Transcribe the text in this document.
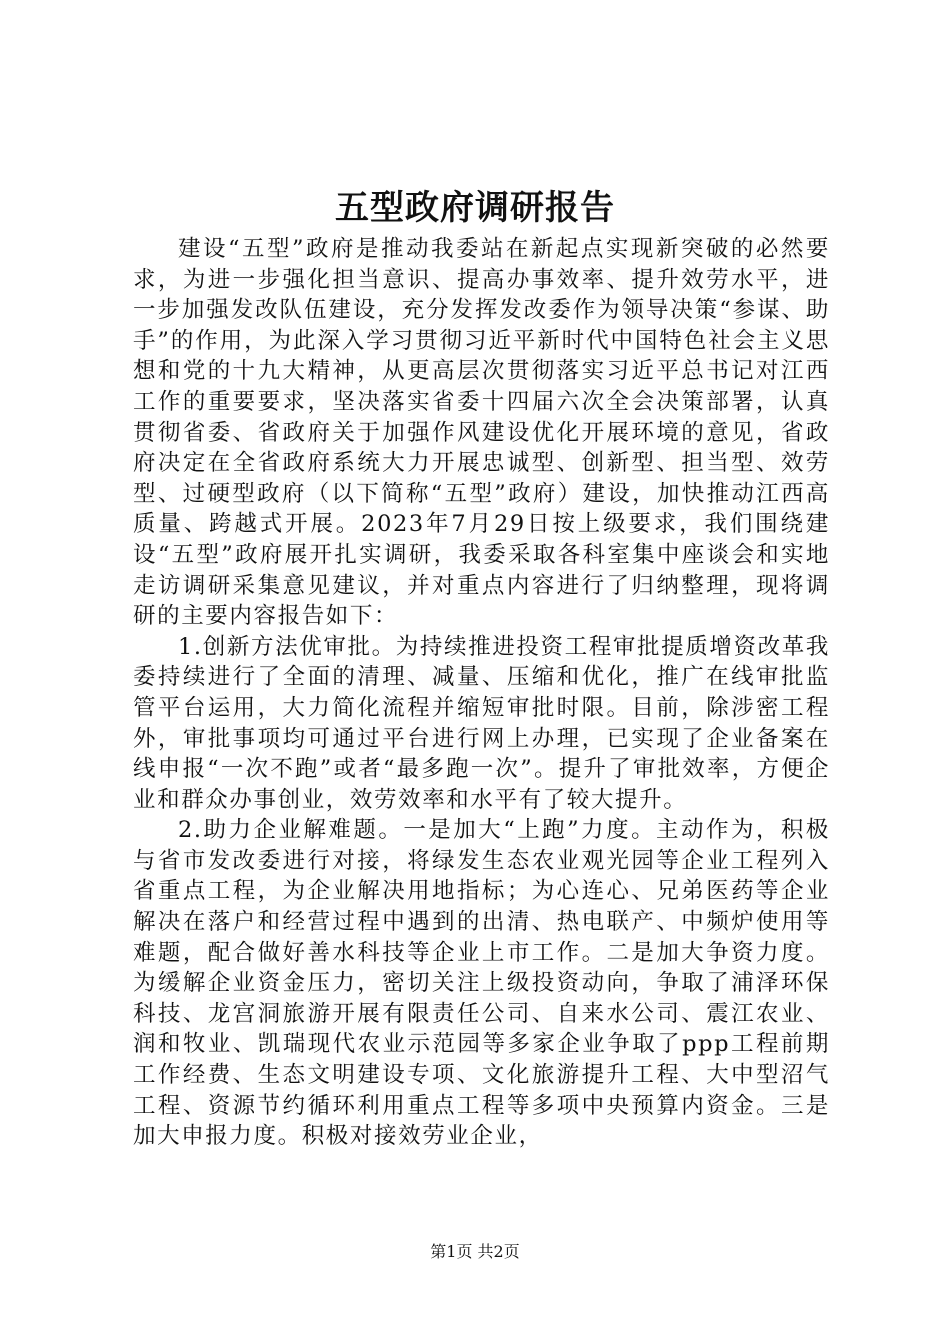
五型政府调研报告

建设“五型”政府是推动我委站在新起点实现新突破的必然要求，为进一步强化担当意识、提高办事效率、提升效劳水平，进一步加强发改队伍建设，充分发挥发改委作为领导决策“参谋、助手”的作用，为此深入学习贯彻习近平新时代中国特色社会主义思想和党的十九大精神，从更高层次贯彻落实习近平总书记对江西工作的重要要求，坚决落实省委十四届六次全会决策部署，认真贯彻省委、省政府关于加强作风建设优化开展环境的意见，省政府决定在全省政府系统大力开展忠诚型、创新型、担当型、效劳型、过硬型政府（以下简称“五型”政府）建设，加快推动江西高质量、跨越式开展。2023年7月29日按上级要求，我们围绕建设“五型”政府展开扎实调研，我委采取各科室集中座谈会和实地走访调研采集意见建议，并对重点内容进行了归纳整理，现将调研的主要内容报告如下：

1.创新方法优审批。为持续推进投资工程审批提质增资改革我委持续进行了全面的清理、减量、压缩和优化，推广在线审批监管平台运用，大力简化流程并缩短审批时限。目前，除涉密工程外，审批事项均可通过平台进行网上办理，已实现了企业备案在线申报“一次不跑”或者“最多跑一次”。提升了审批效率，方便企业和群众办事创业，效劳效率和水平有了较大提升。

2.助力企业解难题。一是加大“上跑”力度。主动作为，积极与省市发改委进行对接，将绿发生态农业观光园等企业工程列入省重点工程，为企业解决用地指标；为心连心、兄弟医药等企业解决在落户和经营过程中遇到的出清、热电联产、中频炉使用等难题，配合做好善水科技等企业上市工作。二是加大争资力度。为缓解企业资金压力，密切关注上级投资动向，争取了浦泽环保科技、龙宫洞旅游开展有限责任公司、自来水公司、震江农业、润和牧业、凯瑞现代农业示范园等多家企业争取了ppp工程前期工作经费、生态文明建设专项、文化旅游提升工程、大中型沼气工程、资源节约循环利用重点工程等多项中央预算内资金。三是加大申报力度。积极对接效劳业企业，

第1页 共2页
